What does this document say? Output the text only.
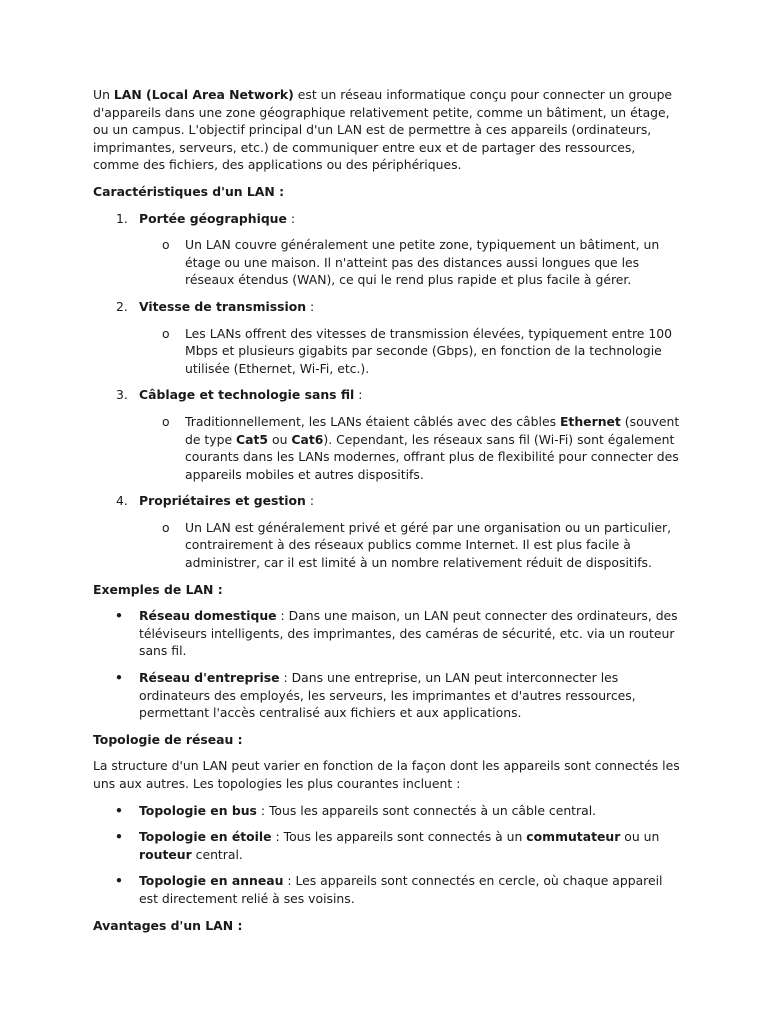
Un LAN (Local Area Network) est un réseau informatique conçu pour connecter un groupe d'appareils dans une zone géographique relativement petite, comme un bâtiment, un étage, ou un campus. L'objectif principal d'un LAN est de permettre à ces appareils (ordinateurs, imprimantes, serveurs, etc.) de communiquer entre eux et de partager des ressources, comme des fichiers, des applications ou des périphériques.

Caractéristiques d'un LAN :

1. Portée géographique :
o Un LAN couvre généralement une petite zone, typiquement un bâtiment, un étage ou une maison. Il n'atteint pas des distances aussi longues que les réseaux étendus (WAN), ce qui le rend plus rapide et plus facile à gérer.
2. Vitesse de transmission :
o Les LANs offrent des vitesses de transmission élevées, typiquement entre 100 Mbps et plusieurs gigabits par seconde (Gbps), en fonction de la technologie utilisée (Ethernet, Wi-Fi, etc.).
3. Câblage et technologie sans fil :
o Traditionnellement, les LANs étaient câblés avec des câbles Ethernet (souvent de type Cat5 ou Cat6). Cependant, les réseaux sans fil (Wi-Fi) sont également courants dans les LANs modernes, offrant plus de flexibilité pour connecter des appareils mobiles et autres dispositifs.
4. Propriétaires et gestion :
o Un LAN est généralement privé et géré par une organisation ou un particulier, contrairement à des réseaux publics comme Internet. Il est plus facile à administrer, car il est limité à un nombre relativement réduit de dispositifs.

Exemples de LAN :

• Réseau domestique : Dans une maison, un LAN peut connecter des ordinateurs, des téléviseurs intelligents, des imprimantes, des caméras de sécurité, etc. via un routeur sans fil.
• Réseau d'entreprise : Dans une entreprise, un LAN peut interconnecter les ordinateurs des employés, les serveurs, les imprimantes et d'autres ressources, permettant l'accès centralisé aux fichiers et aux applications.

Topologie de réseau :

La structure d'un LAN peut varier en fonction de la façon dont les appareils sont connectés les uns aux autres. Les topologies les plus courantes incluent :

• Topologie en bus : Tous les appareils sont connectés à un câble central.
• Topologie en étoile : Tous les appareils sont connectés à un commutateur ou un routeur central.
• Topologie en anneau : Les appareils sont connectés en cercle, où chaque appareil est directement relié à ses voisins.

Avantages d'un LAN :
